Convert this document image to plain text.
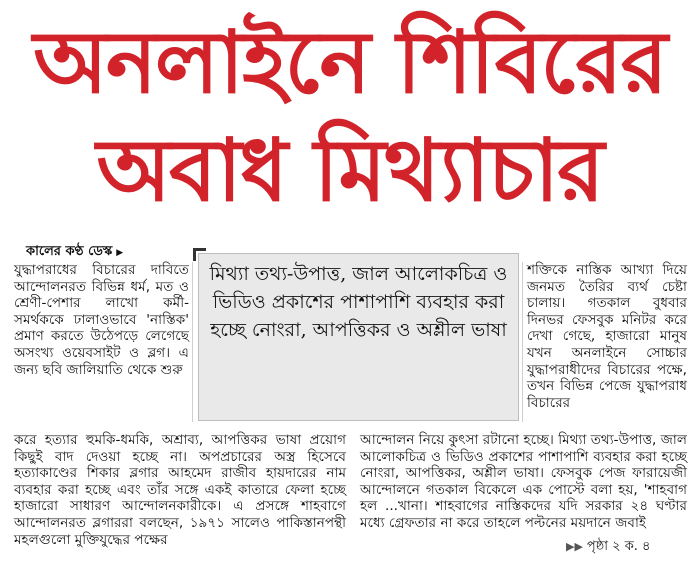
অনলাইনে শিবিরের
অবাধ মিথ্যাচার
কালের কণ্ঠ ডেস্ক ▶

যুদ্ধাপরাধের বিচারের দাবিতে আন্দোলনরত বিভিন্ন ধর্ম, মত ও শ্রেণী-পেশার লাখো কর্মী-সমর্থককে ঢালাওভাবে 'নাস্তিক' প্রমাণ করতে উঠেপড়ে লেগেছে অসংখ্য ওয়েবসাইট ও ব্লগ। এ জন্য ছবি জালিয়াতি থেকে শুরু

মিথ্যা তথ্য-উপাত্ত, জাল আলোকচিত্র ও ভিডিও প্রকাশের পাশাপাশি ব্যবহার করা হচ্ছে নোংরা, আপত্তিকর ও অশ্লীল ভাষা

শক্তিকে নাস্তিক আখ্যা দিয়ে জনমত তৈরির ব্যর্থ চেষ্টা চালায়। গতকাল বুধবার দিনভর ফেসবুক মনিটর করে দেখা গেছে, হাজারো মানুষ যখন অনলাইনে সোচ্চার যুদ্ধাপরাধীদের বিচারের পক্ষে, তখন বিভিন্ন পেজে যুদ্ধাপরাধ বিচারের

করে হত্যার হুমকি-ধমকি, অশ্রাব্য, আপত্তিকর ভাষা প্রয়োগ কিছুই বাদ দেওয়া হচ্ছে না। অপপ্রচারের অস্ত্র হিসেবে হত্যাকাণ্ডের শিকার ব্লগার আহমেদ রাজীব হায়দারের নাম ব্যবহার করা হচ্ছে এবং তাঁর সঙ্গে একই কাতারে ফেলা হচ্ছে হাজারো সাধারণ আন্দোলনকারীকে। এ প্রসঙ্গে শাহবাগে আন্দোলনরত ব্লগাররা বলছেন, ১৯৭১ সালেও পাকিস্তানপন্থী মহলগুলো মুক্তিযুদ্ধের পক্ষের

আন্দোলন নিয়ে কুৎসা রটানো হচ্ছে। মিথ্যা তথ্য-উপাত্ত, জাল আলোকচিত্র ও ভিডিও প্রকাশের পাশাপাশি ব্যবহার করা হচ্ছে নোংরা, আপত্তিকর, অশ্লীল ভাষা। ফেসবুক পেজ ফারায়েজী আন্দোলনে গতকাল বিকেলে এক পোস্টে বলা হয়, 'শাহবাগ হল ...খানা। শাহবাগের নাস্তিকদের যদি সরকার ২৪ ঘণ্টার মধ্যে গ্রেফতার না করে তাহলে পল্টনের ময়দানে জবাই

▶▶ পৃষ্ঠা ২ ক. ৪
